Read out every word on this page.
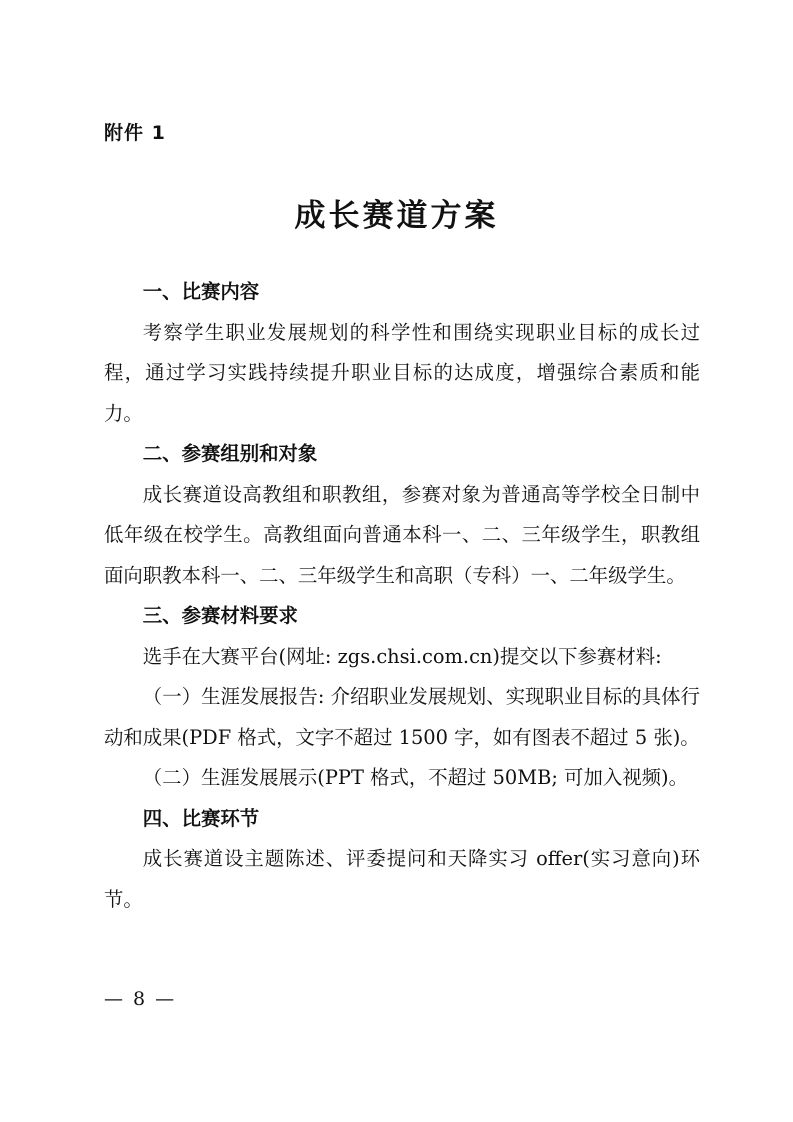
附件 1
成长赛道方案
一、比赛内容

考察学生职业发展规划的科学性和围绕实现职业目标的成长过程，通过学习实践持续提升职业目标的达成度，增强综合素质和能力。

二、参赛组别和对象

成长赛道设高教组和职教组，参赛对象为普通高等学校全日制中低年级在校学生。高教组面向普通本科一、二、三年级学生，职教组面向职教本科一、二、三年级学生和高职（专科）一、二年级学生。

三、参赛材料要求

选手在大赛平台(网址: zgs.chsi.com.cn)提交以下参赛材料:

（一）生涯发展报告: 介绍职业发展规划、实现职业目标的具体行动和成果(PDF 格式，文字不超过 1500 字，如有图表不超过 5 张)。

（二）生涯发展展示(PPT 格式，不超过 50MB; 可加入视频)。

四、比赛环节

成长赛道设主题陈述、评委提问和天降实习 offer(实习意向)环节。

— 8 —
